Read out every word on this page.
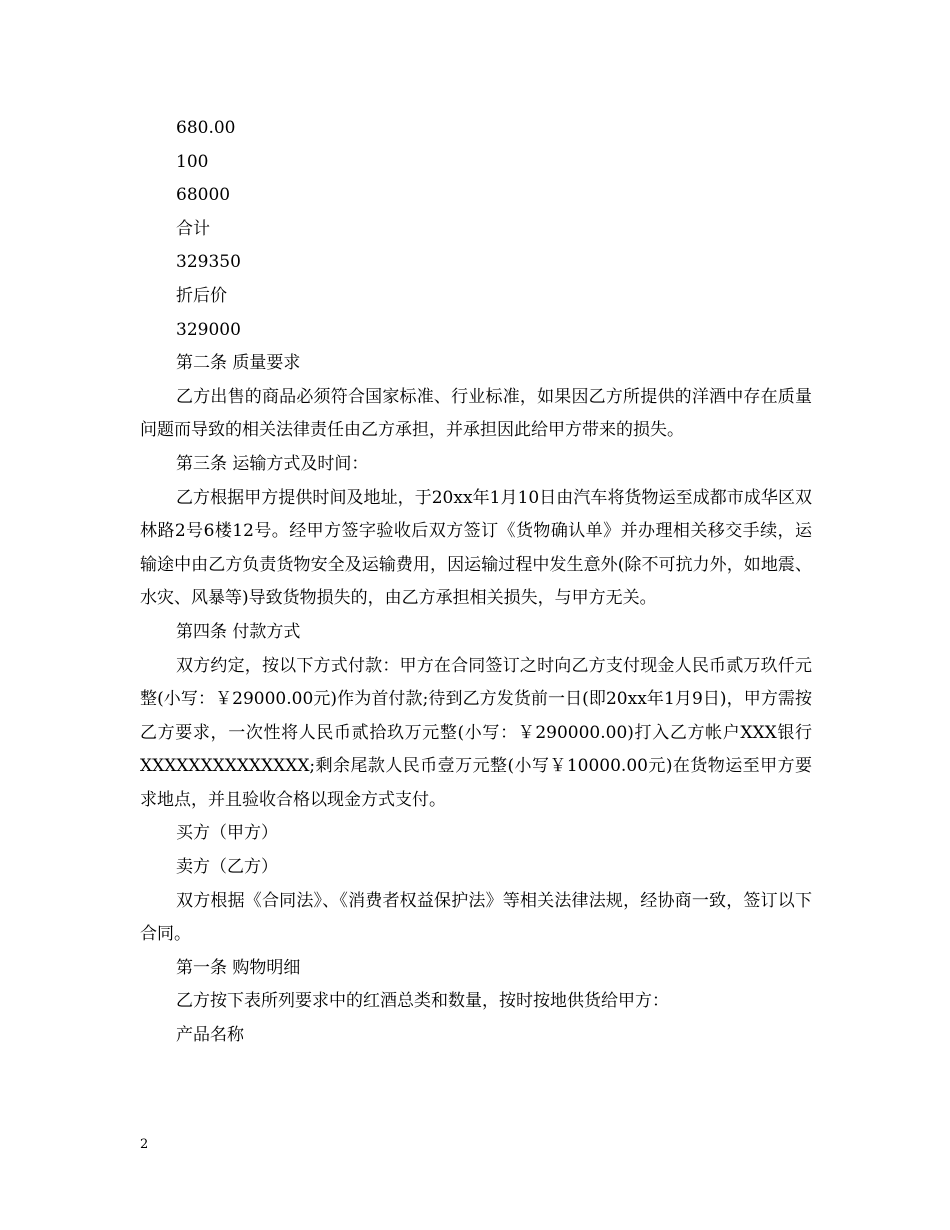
680.00

100

68000

合计

329350

折后价

329000

第二条 质量要求

乙方出售的商品必须符合国家标准、行业标准，如果因乙方所提供的洋酒中存在质量问题而导致的相关法律责任由乙方承担，并承担因此给甲方带来的损失。

第三条 运输方式及时间：

乙方根据甲方提供时间及地址，于20xx年1月10日由汽车将货物运至成都市成华区双林路2号6楼12号。经甲方签字验收后双方签订《货物确认单》并办理相关移交手续，运输途中由乙方负责货物安全及运输费用，因运输过程中发生意外(除不可抗力外，如地震、水灾、风暴等)导致货物损失的，由乙方承担相关损失，与甲方无关。

第四条 付款方式

双方约定，按以下方式付款：甲方在合同签订之时向乙方支付现金人民币贰万玖仟元整(小写：￥29000.00元)作为首付款;待到乙方发货前一日(即20xx年1月9日)，甲方需按乙方要求，一次性将人民币贰拾玖万元整(小写：￥290000.00)打入乙方帐户XXX银行XXXXXXXXXXXXXX;剩余尾款人民币壹万元整(小写￥10000.00元)在货物运至甲方要求地点，并且验收合格以现金方式支付。

买方（甲方）

卖方（乙方）

双方根据《合同法》、《消费者权益保护法》等相关法律法规，经协商一致，签订以下合同。

第一条 购物明细

乙方按下表所列要求中的红酒总类和数量，按时按地供货给甲方：

产品名称

2
